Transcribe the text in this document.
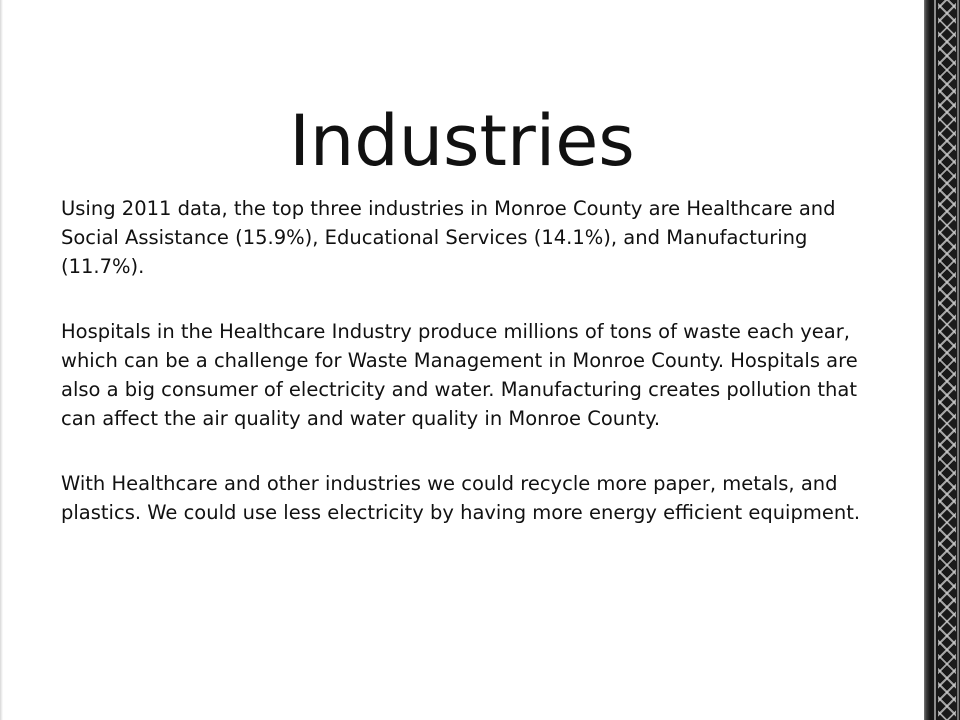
Industries

Using 2011 data, the top three industries in Monroe County are Healthcare and Social Assistance (15.9%), Educational Services (14.1%), and Manufacturing (11.7%).

Hospitals in the Healthcare Industry produce millions of tons of waste each year, which can be a challenge for Waste Management in Monroe County. Hospitals are also a big consumer of electricity and water. Manufacturing creates pollution that can affect the air quality and water quality in Monroe County.

With Healthcare and other industries we could recycle more paper, metals, and plastics. We could use less electricity by having more energy efficient equipment.
